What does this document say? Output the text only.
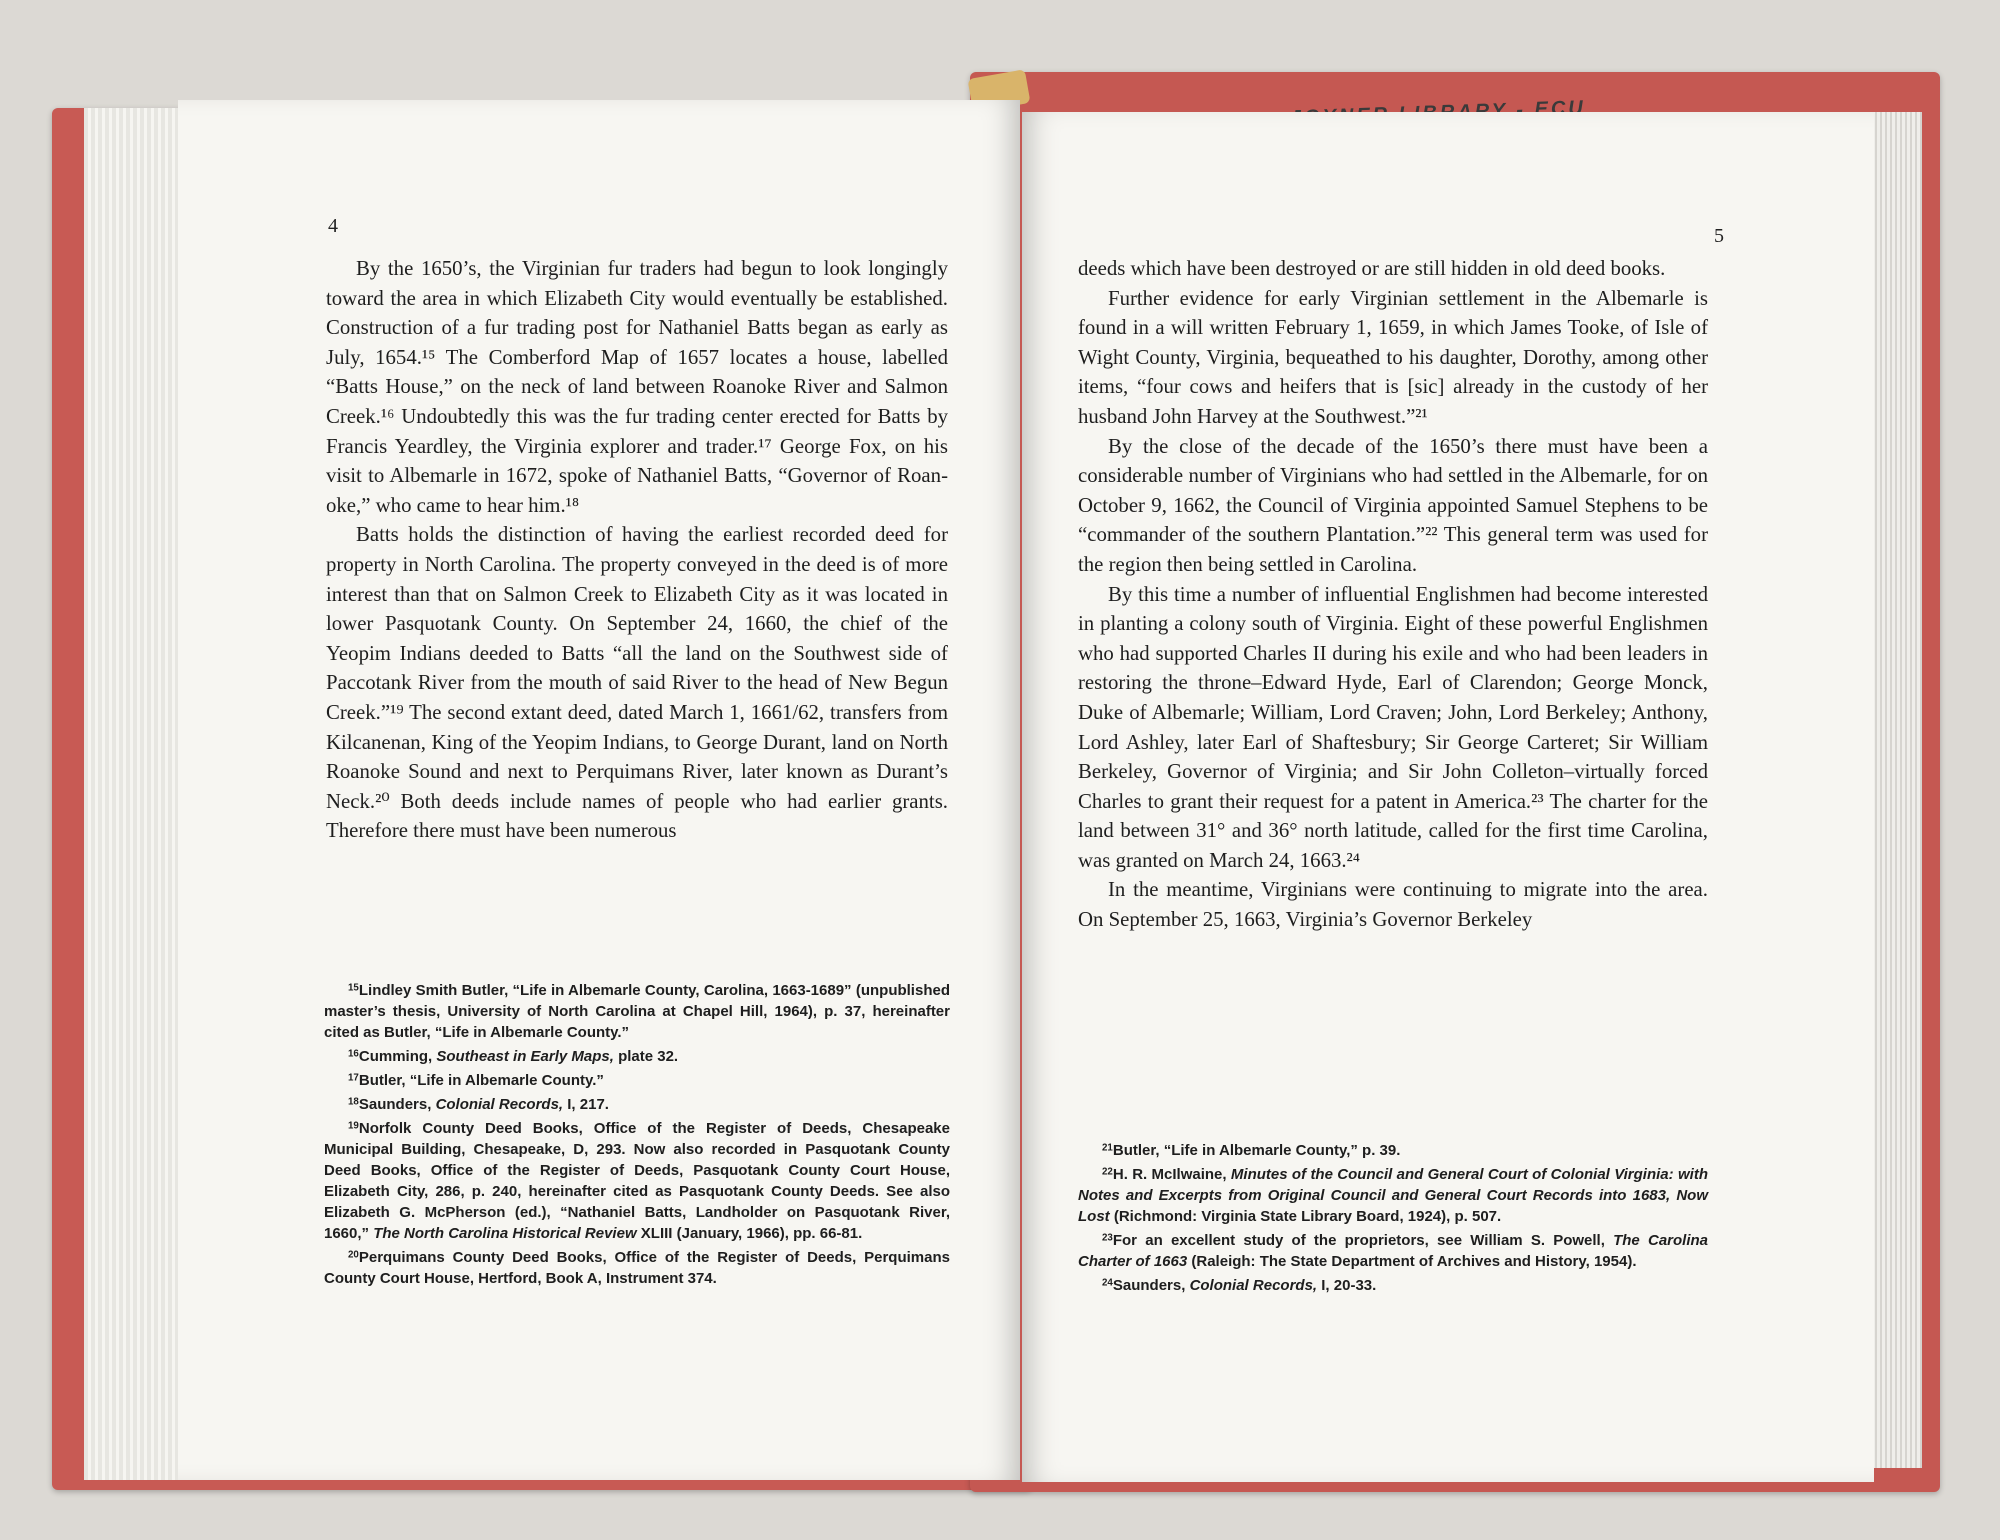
4

By the 1650’s, the Virginian fur traders had begun to look longingly toward the area in which Elizabeth City would eventually be established. Construction of a fur trading post for Nathaniel Batts began as early as July, 1654.¹⁵ The Comberford Map of 1657 locates a house, labelled “Batts House,” on the neck of land between Roanoke River and Salmon Creek.¹⁶ Undoubtedly this was the fur trading center erected for Batts by Francis Yeardley, the Virginia explorer and trader.¹⁷ George Fox, on his visit to Albemarle in 1672, spoke of Nathaniel Batts, “Governor of Roan-oke,” who came to hear him.¹⁸

Batts holds the distinction of having the earliest recorded deed for property in North Carolina. The property conveyed in the deed is of more interest than that on Salmon Creek to Elizabeth City as it was located in lower Pasquotank County. On September 24, 1660, the chief of the Yeopim Indians deeded to Batts “all the land on the Southwest side of Paccotank River from the mouth of said River to the head of New Begun Creek.”¹⁹ The second extant deed, dated March 1, 1661/62, transfers from Kilcanenan, King of the Yeopim Indians, to George Durant, land on North Roanoke Sound and next to Perquimans River, later known as Durant’s Neck.²⁰ Both deeds include names of people who had earlier grants. Therefore there must have been numerous

$^{15}$Lindley Smith Butler, “Life in Albemarle County, Carolina, 1663-1689” (unpublished master’s thesis, University of North Carolina at Chapel Hill, 1964), p. 37, hereinafter cited as Butler, “Life in Albemarle County.”

$^{16}$Cumming, Southeast in Early Maps, plate 32.

$^{17}$Butler, “Life in Albemarle County.”

$^{18}$Saunders, Colonial Records, I, 217.

$^{19}$Norfolk County Deed Books, Office of the Register of Deeds, Chesapeake Municipal Building, Chesapeake, D, 293. Now also recorded in Pasquotank County Deed Books, Office of the Register of Deeds, Pasquotank County Court House, Elizabeth City, 286, p. 240, hereinafter cited as Pasquotank County Deeds. See also Elizabeth G. McPherson (ed.), “Nathaniel Batts, Landholder on Pasquotank River, 1660,” The North Carolina Historical Review XLIII (January, 1966), pp. 66-81.

$^{20}$Perquimans County Deed Books, Office of the Register of Deeds, Perquimans County Court House, Hertford, Book A, Instrument 374.

5

deeds which have been destroyed or are still hidden in old deed books.

Further evidence for early Virginian settlement in the Albemarle is found in a will written February 1, 1659, in which James Tooke, of Isle of Wight County, Virginia, bequeathed to his daughter, Dorothy, among other items, “four cows and heifers that is [sic] already in the custody of her husband John Harvey at the Southwest.”²¹

By the close of the decade of the 1650’s there must have been a considerable number of Virginians who had settled in the Albemarle, for on October 9, 1662, the Council of Virginia appointed Samuel Stephens to be “commander of the southern Plantation.”²² This general term was used for the region then being settled in Carolina.

By this time a number of influential Englishmen had become interested in planting a colony south of Virginia. Eight of these powerful Englishmen who had supported Charles II during his exile and who had been leaders in restoring the throne–Edward Hyde, Earl of Clarendon; George Monck, Duke of Albemarle; William, Lord Craven; John, Lord Berkeley; Anthony, Lord Ashley, later Earl of Shaftesbury; Sir George Carteret; Sir William Berkeley, Governor of Virginia; and Sir John Colleton–virtually forced Charles to grant their request for a patent in America.²³ The charter for the land between 31° and 36° north latitude, called for the first time Carolina, was granted on March 24, 1663.²⁴

In the meantime, Virginians were continuing to migrate into the area. On September 25, 1663, Virginia’s Governor Berkeley

$^{21}$Butler, “Life in Albemarle County,” p. 39.

$^{22}$H. R. McIlwaine, Minutes of the Council and General Court of Colonial Virginia: with Notes and Excerpts from Original Council and General Court Records into 1683, Now Lost (Richmond: Virginia State Library Board, 1924), p. 507.

$^{23}$For an excellent study of the proprietors, see William S. Powell, The Carolina Charter of 1663 (Raleigh: The State Department of Archives and History, 1954).

$^{24}$Saunders, Colonial Records, I, 20-33.
